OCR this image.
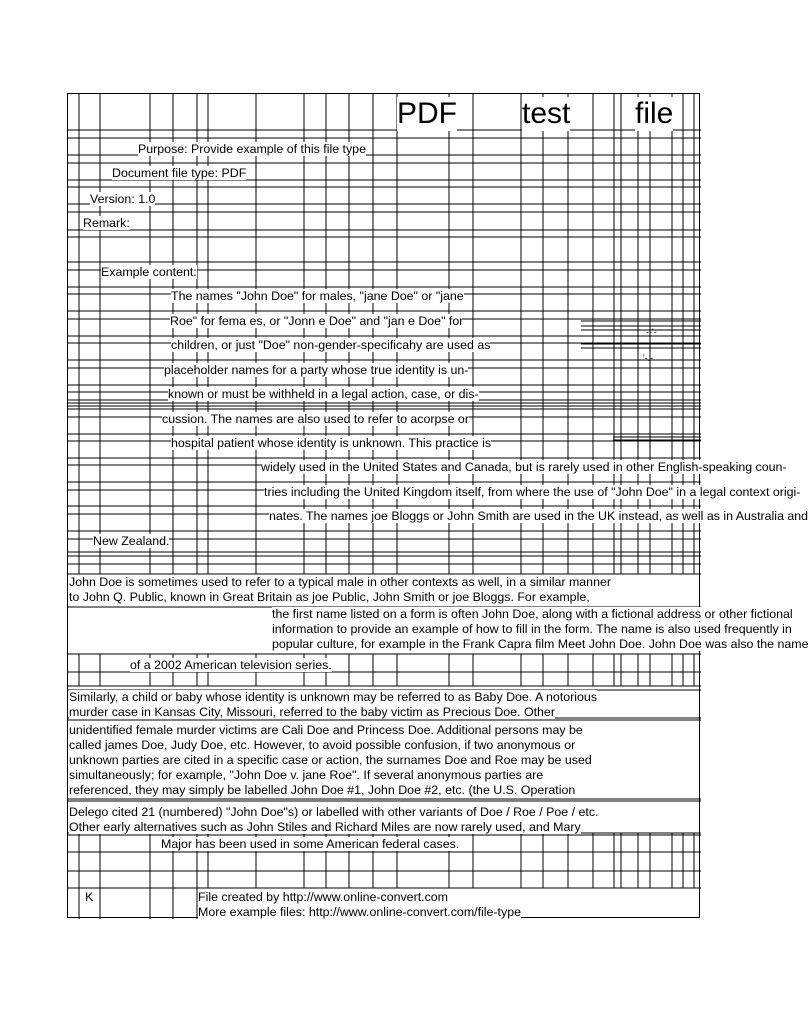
PDF test file
Purpose: Provide example of this file type
Document file type: PDF
Version: 1.0
Remark:
Example content:
The names "John Doe" for males, "jane Doe" or "jane
Roe" for fema es, or "Jonn e Doe" and "jan e Doe" for
children, or just "Doe" non-gender-specificahy are used as
placeholder names for a party whose true identity is un-
known or must be withheld in a legal action, case, or dis-
cussion. The names are also used to refer to acorpse or
hospital patient whose identity is unknown. This practice is
widely used in the United States and Canada, but is rarely used in other English-speaking coun-
tries including the United Kingdom itself, from where the use of "John Doe" in a legal context origi-
nates. The names joe Bloggs or John Smith are used in the UK instead, as well as in Australia and
New Zealand.
John Doe is sometimes used to refer to a typical male in other contexts as well, in a similar manner
to John Q. Public, known in Great Britain as joe Public, John Smith or joe Bloggs. For example,
the first name listed on a form is often John Doe, along with a fictional address or other fictional
information to provide an example of how to fill in the form. The name is also used frequently in
popular culture, for example in the Frank Capra film Meet John Doe. John Doe was also the name
of a 2002 American television series.
Similarly, a child or baby whose identity is unknown may be referred to as Baby Doe. A notorious
murder case in Kansas City, Missouri, referred to the baby victim as Precious Doe. Other
unidentified female murder victims are Cali Doe and Princess Doe. Additional persons may be
called james Doe, Judy Doe, etc. However, to avoid possible confusion, if two anonymous or
unknown parties are cited in a specific case or action, the surnames Doe and Roe may be used
simultaneously; for example, "John Doe v. jane Roe". If several anonymous parties are
referenced, they may simply be labelled John Doe #1, John Doe #2, etc. (the U.S. Operation
Delego cited 21 (numbered) "John Doe"s) or labelled with other variants of Doe / Roe / Poe / etc.
Other early alternatives such as John Stiles and Richard Miles are now rarely used, and Mary
Major has been used in some American federal cases.
K	File created by http://www.online-convert.com
More example files: http://www.online-convert.com/file-type
--'-
'-.-
